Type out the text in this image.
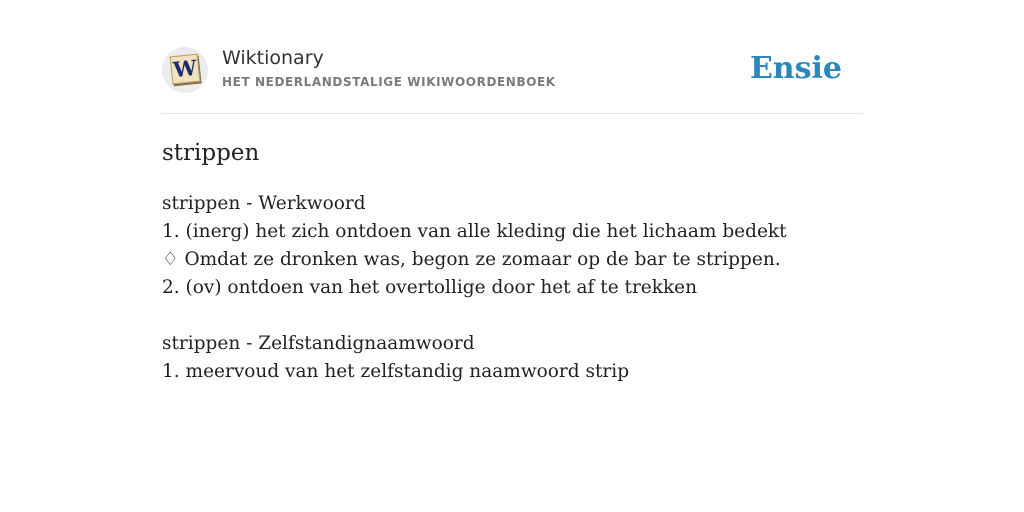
W Wiktionary
HET NEDERLANDSTALIGE WIKIWOORDENBOEK	Ensie
strippen
strippen - Werkwoord
1. (inerg) het zich ontdoen van alle kleding die het lichaam bedekt
♢ Omdat ze dronken was, begon ze zomaar op de bar te strippen.
2. (ov) ontdoen van het overtollige door het af te trekken
strippen - Zelfstandignaamwoord
1. meervoud van het zelfstandig naamwoord strip
